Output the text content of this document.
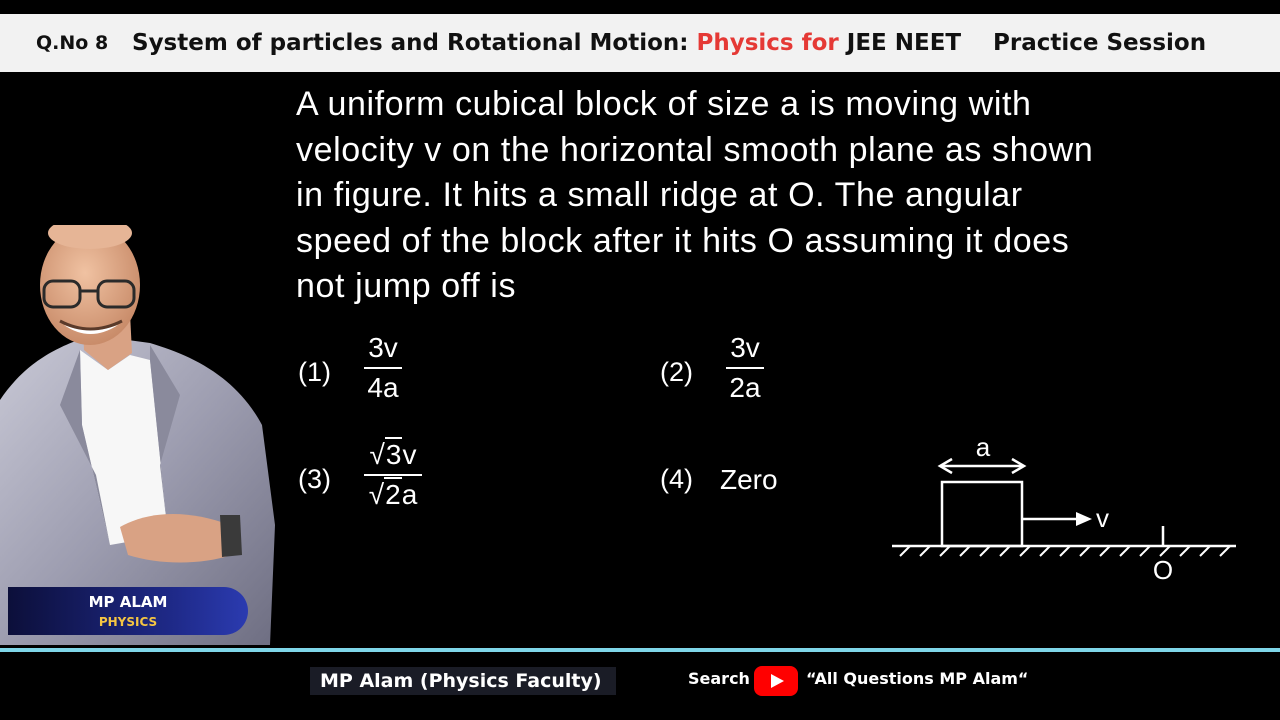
Q.No 8 System of particles and Rotational Motion: Physics for JEE NEET Practice Session
A uniform cubical block of size a is moving with
velocity v on the horizontal smooth plane as shown
in figure. It hits a small ridge at O. The angular
speed of the block after it hits O assuming it does
not jump off is
(1)
3v
4a	(2)
3v
2a
(3)
√3v
√2a	(4) Zero
a
v
O
MP ALAM
PHYSICS
MP Alam (Physics Faculty)	Search	“All Questions MP Alam“
